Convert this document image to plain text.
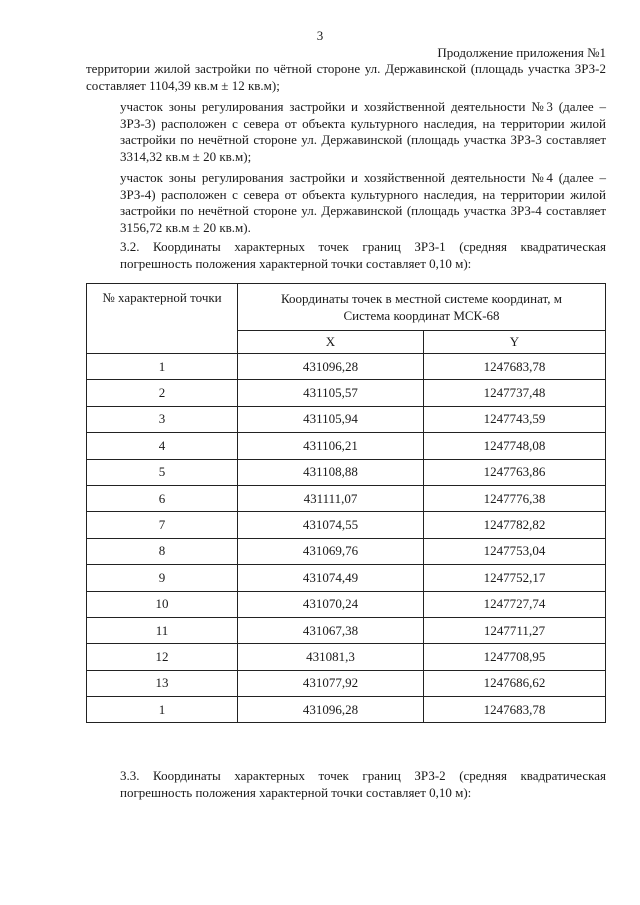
3
Продолжение приложения №1
территории жилой застройки по чётной стороне ул. Державинской (площадь участка ЗРЗ-2 составляет 1104,39 кв.м ± 12 кв.м);
участок зоны регулирования застройки и хозяйственной деятельности №3 (далее – ЗРЗ-3) расположен с севера от объекта культурного наследия, на территории жилой застройки по нечётной стороне ул. Державинской (площадь участка ЗРЗ-3 составляет 3314,32 кв.м ± 20 кв.м);
участок зоны регулирования застройки и хозяйственной деятельности №4 (далее – ЗРЗ-4) расположен с севера от объекта культурного наследия, на территории жилой застройки по нечётной стороне ул. Державинской (площадь участка ЗРЗ-4 составляет 3156,72 кв.м ± 20 кв.м).
3.2. Координаты характерных точек границ ЗРЗ-1 (средняя квадратическая погрешность положения характерной точки составляет 0,10 м):
№ характерной точки	Координаты точек в местной системе координат, м
Система координат МСК-68	

	X	Y
1	431096,28	1247683,78
2	431105,57	1247737,48
3	431105,94	1247743,59
4	431106,21	1247748,08
5	431108,88	1247763,86
6	431111,07	1247776,38
7	431074,55	1247782,82
8	431069,76	1247753,04
9	431074,49	1247752,17
10	431070,24	1247727,74
11	431067,38	1247711,27
12	431081,3	1247708,95
13	431077,92	1247686,62
1	431096,28	1247683,78
3.3. Координаты характерных точек границ ЗРЗ-2 (средняя квадратическая погрешность положения характерной точки составляет 0,10 м):
